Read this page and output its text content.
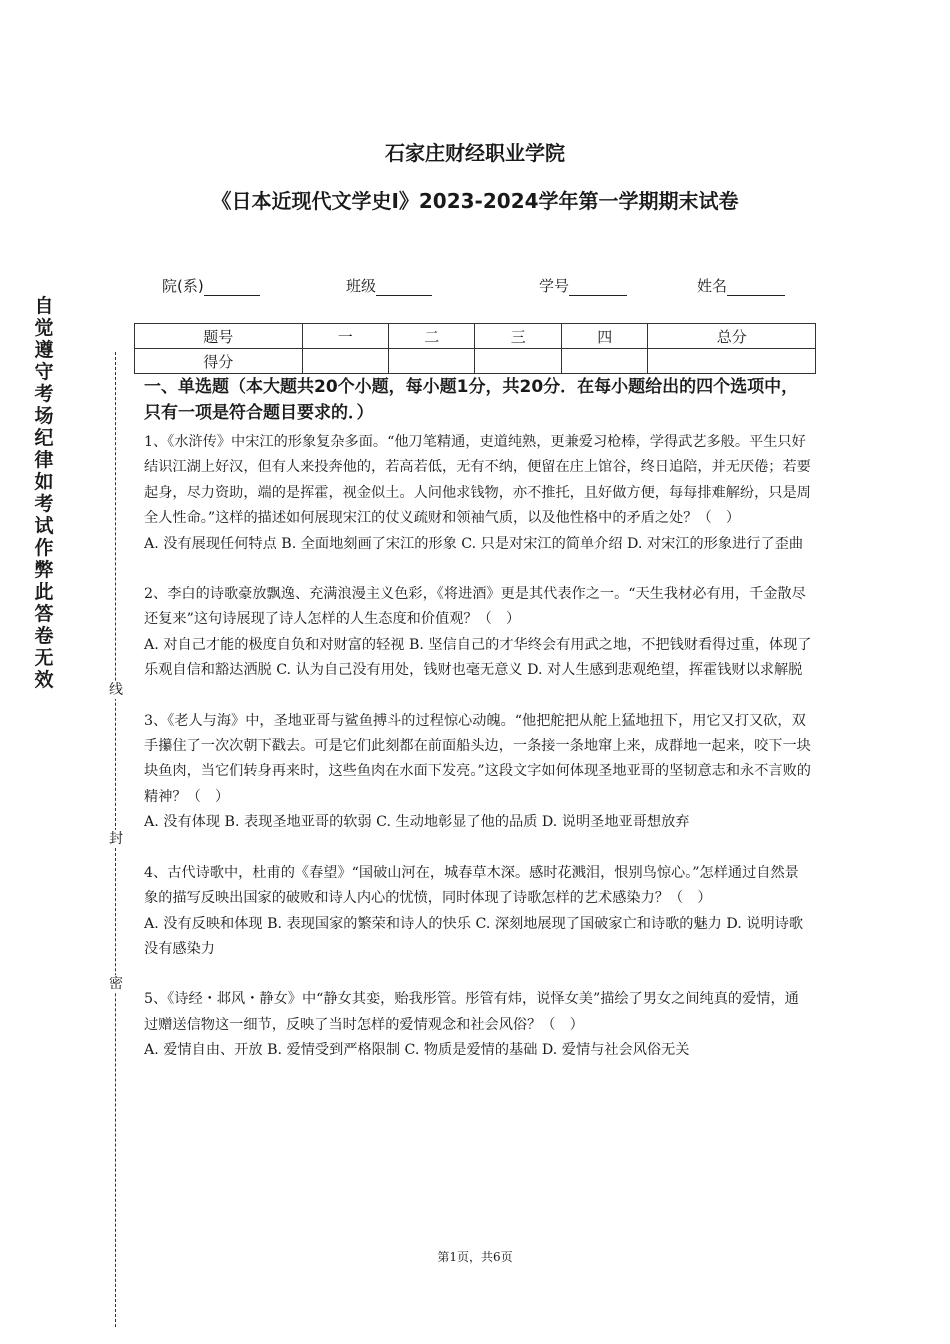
石家庄财经职业学院
《日本近现代文学史Ⅰ》2023-2024学年第一学期期末试卷
院(系)	班级	学号	姓名
题号	一	二	三	四	总分
得分					
自觉遵守考场纪律如考试作弊此答卷无效	线
封
密
一、单选题（本大题共20个小题，每小题1分，共20分．在每小题给出的四个选项中，只有一项是符合题目要求的．）

1、《水浒传》中宋江的形象复杂多面。“他刀笔精通，吏道纯熟，更兼爱习枪棒，学得武艺多般。平生只好结识江湖上好汉，但有人来投奔他的，若高若低，无有不纳，便留在庄上馆谷，终日追陪，并无厌倦；若要起身，尽力资助，端的是挥霍，视金似土。人问他求钱物，亦不推托，且好做方便，每每排难解纷，只是周全人性命。”这样的描述如何展现宋江的仗义疏财和领袖气质，以及他性格中的矛盾之处？（　）

A. 没有展现任何特点 B. 全面地刻画了宋江的形象 C. 只是对宋江的简单介绍 D. 对宋江的形象进行了歪曲

2、李白的诗歌豪放飘逸、充满浪漫主义色彩，《将进酒》更是其代表作之一。“天生我材必有用，千金散尽还复来”这句诗展现了诗人怎样的人生态度和价值观？（　）

A. 对自己才能的极度自负和对财富的轻视 B. 坚信自己的才华终会有用武之地，不把钱财看得过重，体现了乐观自信和豁达洒脱 C. 认为自己没有用处，钱财也毫无意义 D. 对人生感到悲观绝望，挥霍钱财以求解脱

3、《老人与海》中，圣地亚哥与鲨鱼搏斗的过程惊心动魄。“他把舵把从舵上猛地扭下，用它又打又砍，双手攥住了一次次朝下戳去。可是它们此刻都在前面船头边，一条接一条地窜上来，成群地一起来，咬下一块块鱼肉，当它们转身再来时，这些鱼肉在水面下发亮。”这段文字如何体现圣地亚哥的坚韧意志和永不言败的精神？（　）

A. 没有体现 B. 表现圣地亚哥的软弱 C. 生动地彰显了他的品质 D. 说明圣地亚哥想放弃

4、古代诗歌中，杜甫的《春望》“国破山河在，城春草木深。感时花溅泪，恨别鸟惊心。”怎样通过自然景象的描写反映出国家的破败和诗人内心的忧愤，同时体现了诗歌怎样的艺术感染力？（　）

A. 没有反映和体现 B. 表现国家的繁荣和诗人的快乐 C. 深刻地展现了国破家亡和诗歌的魅力 D. 说明诗歌没有感染力

5、《诗经・邶风・静女》中“静女其娈，贻我彤管。彤管有炜，说怿女美”描绘了男女之间纯真的爱情，通过赠送信物这一细节，反映了当时怎样的爱情观念和社会风俗？（　）

A. 爱情自由、开放 B. 爱情受到严格限制 C. 物质是爱情的基础 D. 爱情与社会风俗无关

第1页，共6页
